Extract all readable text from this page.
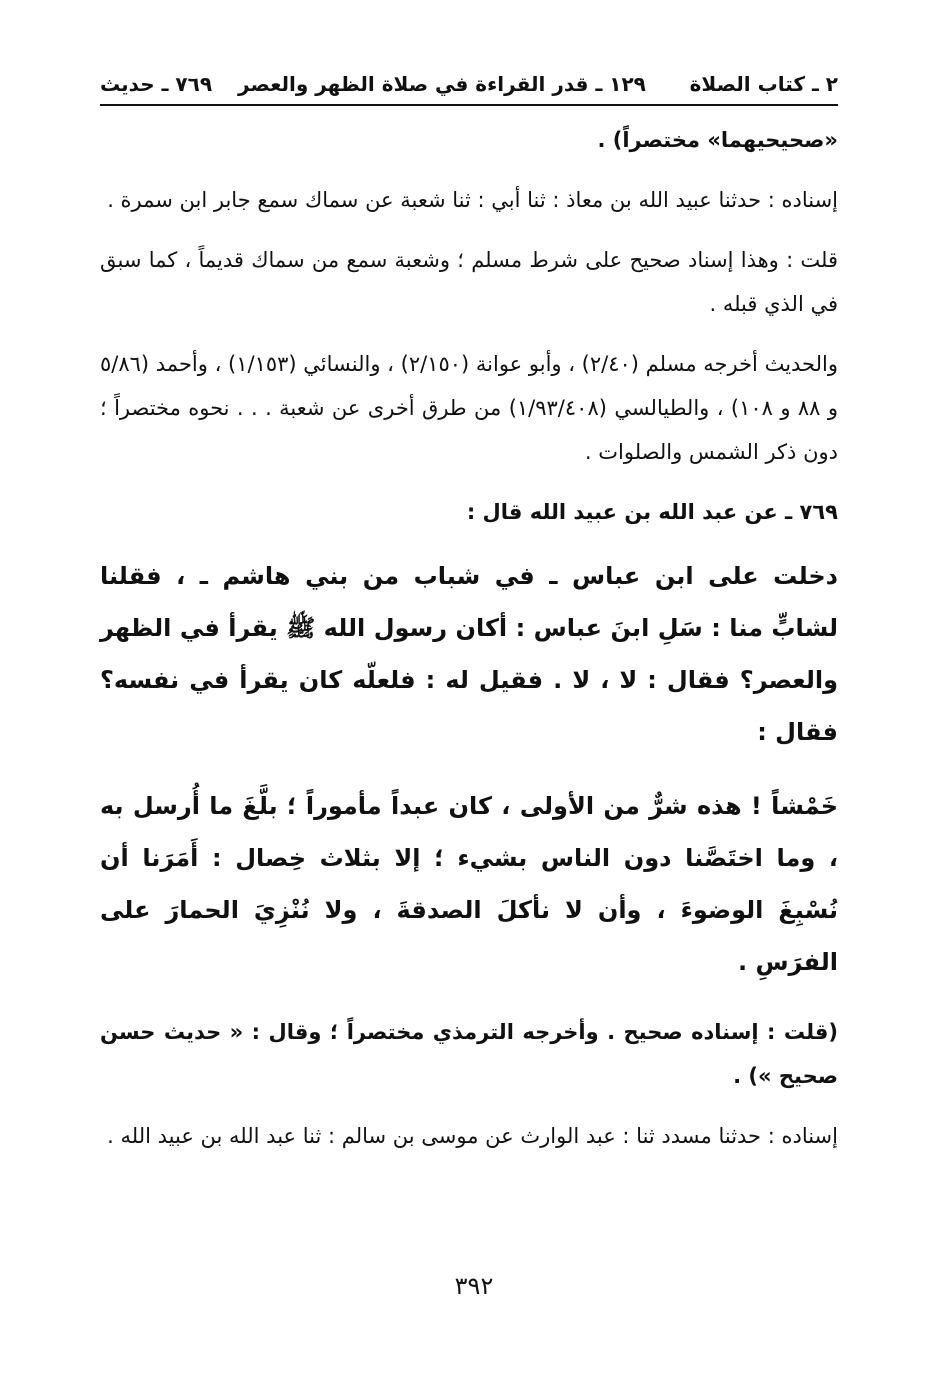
٢ ـ كتاب الصلاة
١٢٩ ـ قدر القراءة في صلاة الظهر والعصر
٧٦٩ ـ حديث

«صحيحيهما» مختصراً) .

إسناده : حدثنا عبيد الله بن معاذ : ثنا أبي : ثنا شعبة عن سماك سمع جابر ابن سمرة .

قلت : وهذا إسناد صحيح على شرط مسلم ؛ وشعبة سمع من سماك قديماً ، كما سبق في الذي قبله .

والحديث أخرجه مسلم (٢/٤٠) ، وأبو عوانة (٢/١٥٠) ، والنسائي (١/١٥٣) ، وأحمد (٥/٨٦ و ٨٨ و ١٠٨) ، والطيالسي (١/٩٣/٤٠٨) من طرق أخرى عن شعبة . . . نحوه مختصراً ؛ دون ذكر الشمس والصلوات .

٧٦٩ ـ عن عبد الله بن عبيد الله قال :

دخلت على ابن عباس ـ في شباب من بني هاشم ـ ، فقلنا لشابٍّ منا : سَلِ ابنَ عباس : أكان رسول الله ﷺ يقرأ في الظهر والعصر؟ فقال : لا ، لا . فقيل له : فلعلّه كان يقرأ في نفسه؟ فقال :

خَمْشاً ! هذه شرٌّ من الأولى ، كان عبداً مأموراً ؛ بلَّغَ ما أُرسل به ، وما اختَصَّنا دون الناس بشيء ؛ إلا بثلاث خِصال : أَمَرَنا أن نُسْبِغَ الوضوءَ ، وأن لا نأكلَ الصدقةَ ، ولا نُنْزِيَ الحمارَ على الفرَسِ .

(قلت : إسناده صحيح . وأخرجه الترمذي مختصراً ؛ وقال : « حديث حسن صحيح ») .

إسناده : حدثنا مسدد ثنا : عبد الوارث عن موسى بن سالم : ثنا عبد الله بن عبيد الله .

٣٩٢
